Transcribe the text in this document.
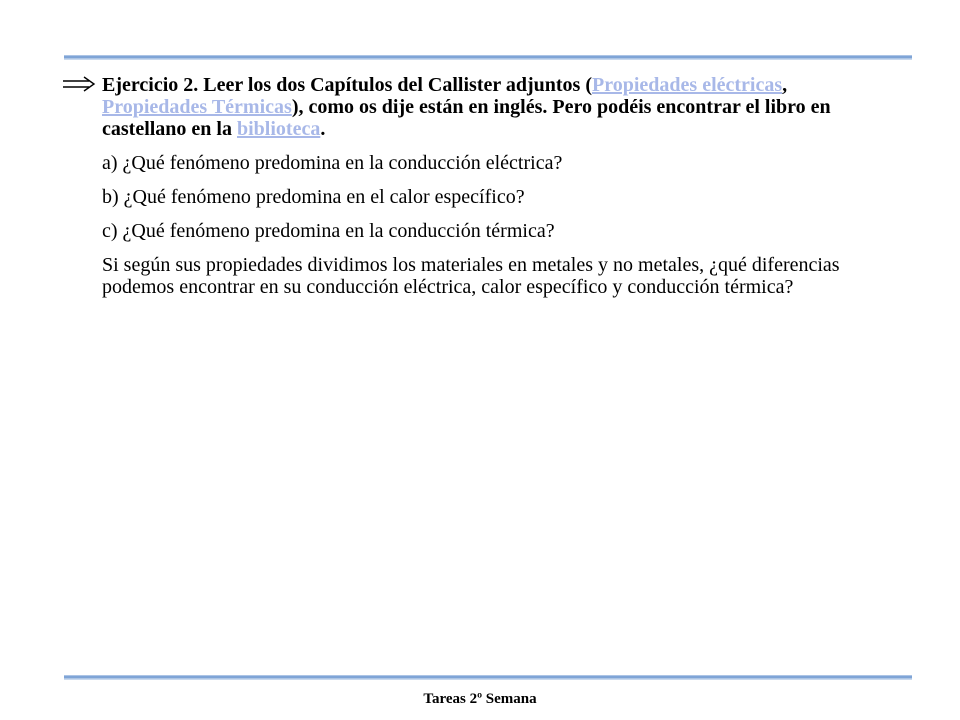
Ejercicio 2. Leer los dos Capítulos del Callister adjuntos (Propiedades eléctricas, Propiedades Térmicas), como os dije están en inglés. Pero podéis encontrar el libro en castellano en la biblioteca.

a) ¿Qué fenómeno predomina en la conducción eléctrica?

b) ¿Qué fenómeno predomina en el calor específico?

c) ¿Qué fenómeno predomina en la conducción térmica?

Si según sus propiedades dividimos los materiales en metales y no metales, ¿qué diferencias podemos encontrar en su conducción eléctrica, calor específico y conducción térmica?

Tareas 2º Semana
